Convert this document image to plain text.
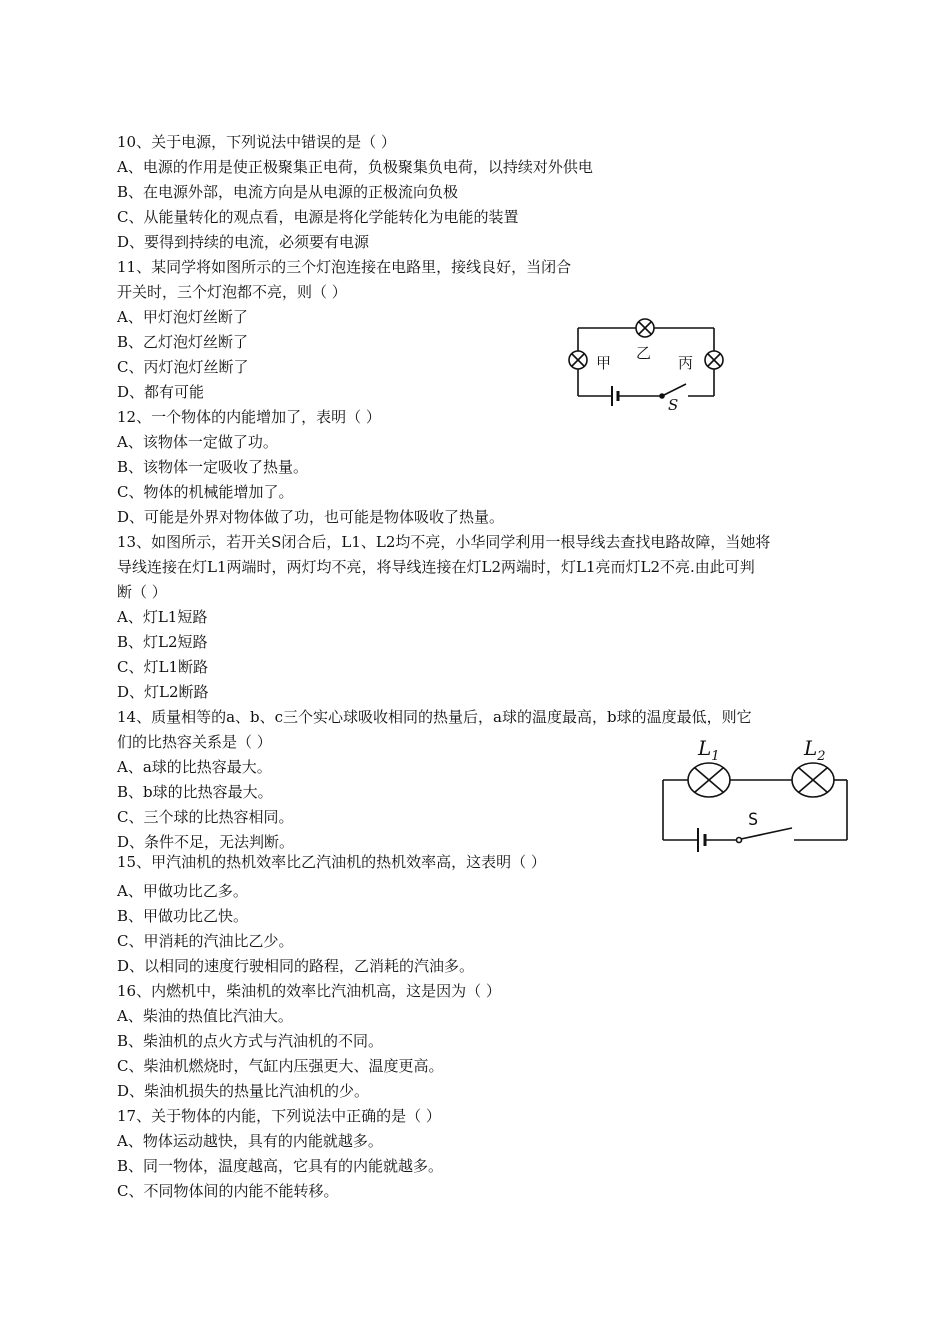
10、关于电源，下列说法中错误的是（ ）
A、电源的作用是使正极聚集正电荷，负极聚集负电荷，以持续对外供电
B、在电源外部，电流方向是从电源的正极流向负极
C、从能量转化的观点看，电源是将化学能转化为电能的装置
D、要得到持续的电流，必须要有电源
11、某同学将如图所示的三个灯泡连接在电路里，接线良好，当闭合
开关时，三个灯泡都不亮，则（ ）
A、甲灯泡灯丝断了
B、乙灯泡灯丝断了
C、丙灯泡灯丝断了
D、都有可能
12、一个物体的内能增加了，表明（ ）
A、该物体一定做了功。
B、该物体一定吸收了热量。
C、物体的机械能增加了。
D、可能是外界对物体做了功，也可能是物体吸收了热量。
13、如图所示，若开关S闭合后，L1、L2均不亮，小华同学利用一根导线去查找电路故障，当她将
导线连接在灯L1两端时，两灯均不亮，将导线连接在灯L2两端时，灯L1亮而灯L2不亮.由此可判
断（ ）
A、灯L1短路
B、灯L2短路
C、灯L1断路
D、灯L2断路
14、质量相等的a、b、c三个实心球吸收相同的热量后，a球的温度最高，b球的温度最低，则它
们的比热容关系是（ ）
A、a球的比热容最大。
B、b球的比热容最大。
C、三个球的比热容相同。
D、条件不足，无法判断。
15、甲汽油机的热机效率比乙汽油机的热机效率高，这表明（ ）
A、甲做功比乙多。
B、甲做功比乙快。
C、甲消耗的汽油比乙少。
D、以相同的速度行驶相同的路程，乙消耗的汽油多。
16、内燃机中，柴油机的效率比汽油机高，这是因为（ ）
A、柴油的热值比汽油大。
B、柴油机的点火方式与汽油机的不同。
C、柴油机燃烧时，气缸内压强更大、温度更高。
D、柴油机损失的热量比汽油机的少。
17、关于物体的内能，下列说法中正确的是（ ）
A、物体运动越快，具有的内能就越多。
B、同一物体，温度越高，它具有的内能就越多。
C、不同物体间的内能不能转移。
甲
乙
丙
S
$L_1$	$L_2$
S
